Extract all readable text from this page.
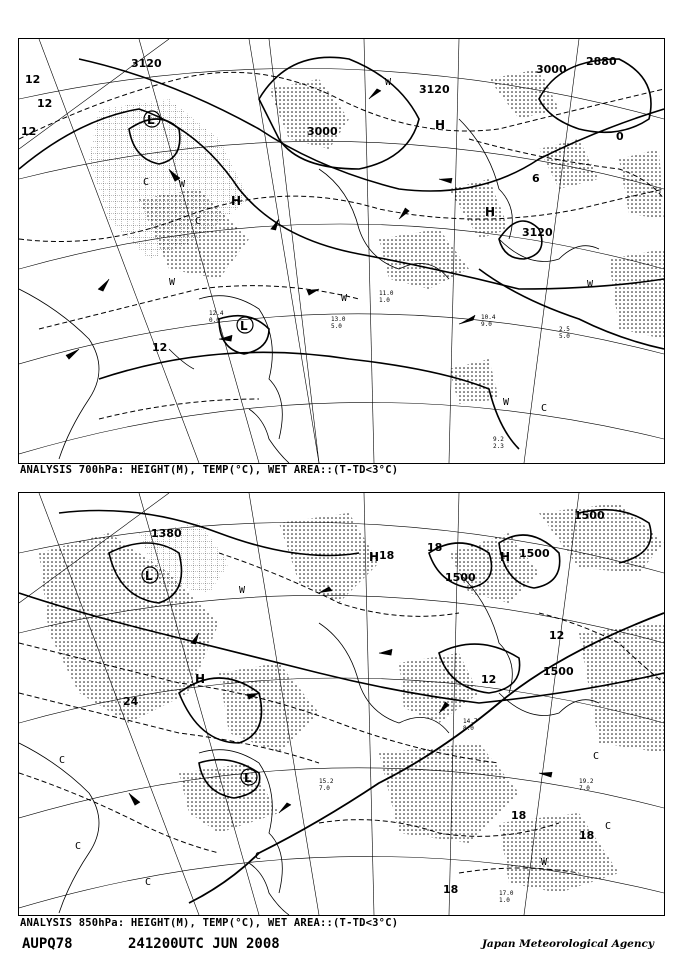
3120
3120
3000
3000
2880
3120
12
12
12
12
6
0
L
L
H
H
H
W
W
W
W
C
W
C
W
C
10.4 9.0
2.5 5.0
9.2 2.3
13.0 5.0
11.0 1.0
12.4 0.0
ANALYSIS 700hPa: HEIGHT(M), TEMP(°C), WET AREA::(T-TD<3°C)
1380
1500
1500
1500
1500
12
18
18
24
12
18
18
18
L
H
H
H
L
C
C
C
C
C
C
W
W
15.2 7.0
17.0 1.0
19.2 7.0
14.7 8.0
ANALYSIS 850hPa: HEIGHT(M), TEMP(°C), WET AREA::(T-TD<3°C)
AUPQ78	241200UTC JUN 2008	Japan Meteorological Agency
